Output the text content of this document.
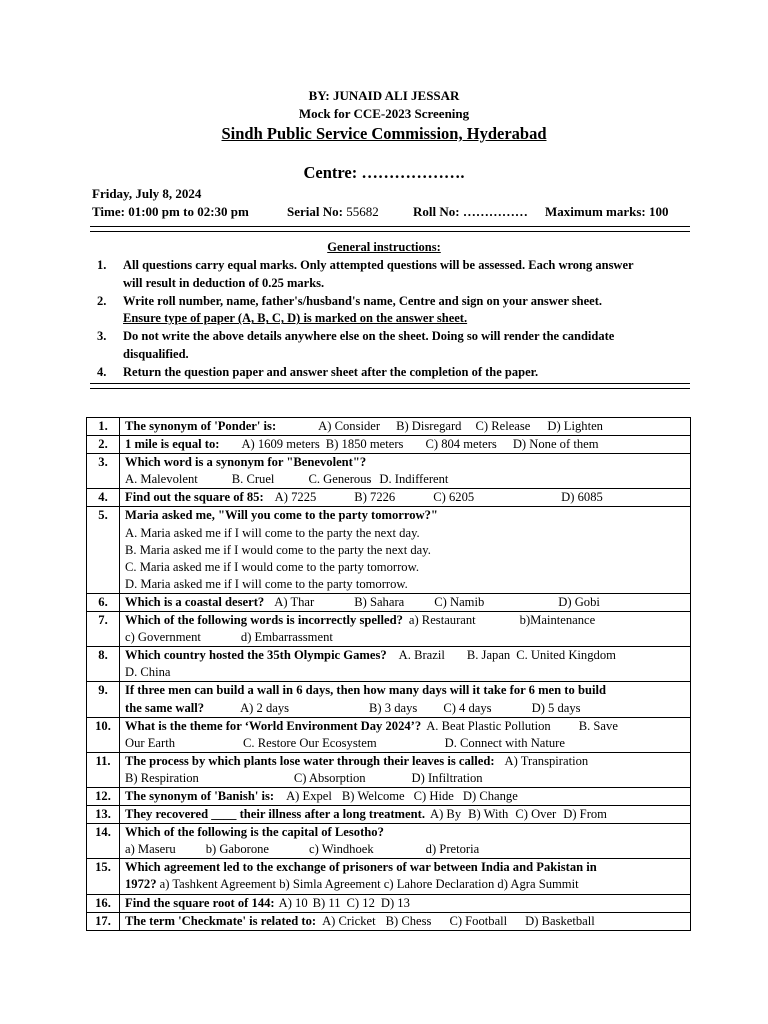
BY: JUNAID ALI JESSAR
Mock for CCE-2023 Screening
Sindh Public Service Commission, Hyderabad
Centre: ……………….
Friday, July 8, 2024
Time: 01:00 pm to 02:30 pm	Serial No: 55682	Roll No: …………… Maximum marks: 100
General instructions:
1.	All questions carry equal marks. Only attempted questions will be assessed. Each wrong answer
will result in deduction of 0.25 marks.
2.	Write roll number, name, father's/husband's name, Centre and sign on your answer sheet.
Ensure type of paper (A, B, C, D) is marked on the answer sheet.
3.	Do not write the above details anywhere else on the sheet. Doing so will render the candidate
disqualified.
4.	Return the question paper and answer sheet after the completion of the paper.
1.	The synonym of 'Ponder' is: A) Consider B) Disregard C) Release D) Lighten
2.	1 mile is equal to: A) 1609 meters B) 1850 meters C) 804 meters D) None of them
3.	Which word is a synonym for "Benevolent"?
A. Malevolent B. Cruel C. Generous D. Indifferent
4.	Find out the square of 85: A) 7225 B) 7226 C) 6205 D) 6085
5.	Maria asked me, "Will you come to the party tomorrow?"
A. Maria asked me if I will come to the party the next day.
B. Maria asked me if I would come to the party the next day.
C. Maria asked me if I would come to the party tomorrow.
D. Maria asked me if I will come to the party tomorrow.
6.	Which is a coastal desert? A) Thar B) Sahara C) Namib D) Gobi
7.	Which of the following words is incorrectly spelled? a) Restaurant b)Maintenance
c) Government d) Embarrassment
8.	Which country hosted the 35th Olympic Games? A. Brazil B. Japan C. United Kingdom
D. China
9.	If three men can build a wall in 6 days, then how many days will it take for 6 men to build
the same wall? A) 2 days B) 3 days C) 4 days D) 5 days
10.	What is the theme for ‘World Environment Day 2024’? A. Beat Plastic Pollution B. Save
Our Earth C. Restore Our Ecosystem D. Connect with Nature
11.	The process by which plants lose water through their leaves is called: A) Transpiration
B) Respiration C) Absorption D) Infiltration
12.	The synonym of 'Banish' is: A) Expel B) Welcome C) Hide D) Change
13.	They recovered ____ their illness after a long treatment. A) By B) With C) Over D) From
14.	Which of the following is the capital of Lesotho?
a) Maseru b) Gaborone c) Windhoek d) Pretoria
15.	Which agreement led to the exchange of prisoners of war between India and Pakistan in
1972? a) Tashkent Agreement b) Simla Agreement c) Lahore Declaration d) Agra Summit
16.	Find the square root of 144: A) 10 B) 11 C) 12 D) 13
17.	The term 'Checkmate' is related to: A) Cricket B) Chess C) Football D) Basketball
